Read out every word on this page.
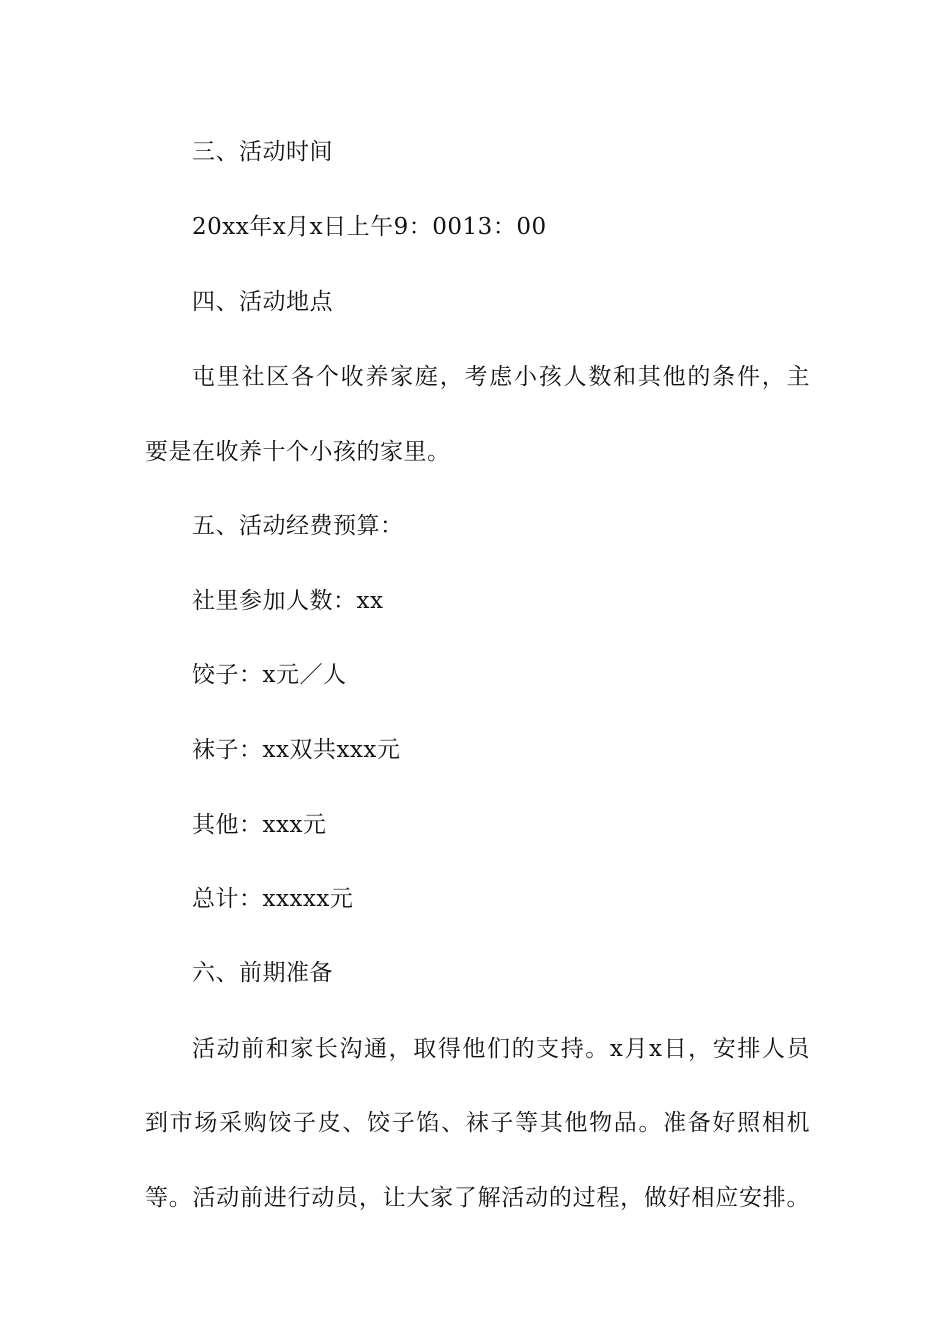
三、活动时间
20xx年x月x日上午9：0013：00
四、活动地点
屯里社区各个收养家庭，考虑小孩人数和其他的条件，主
要是在收养十个小孩的家里。
五、活动经费预算：
社里参加人数：xx
饺子：x元／人
袜子：xx双共xxx元
其他：xxx元
总计：xxxxx元
六、前期准备
活动前和家长沟通，取得他们的支持。x月x日，安排人员
到市场采购饺子皮、饺子馅、袜子等其他物品。准备好照相机
等。活动前进行动员，让大家了解活动的过程，做好相应安排。
